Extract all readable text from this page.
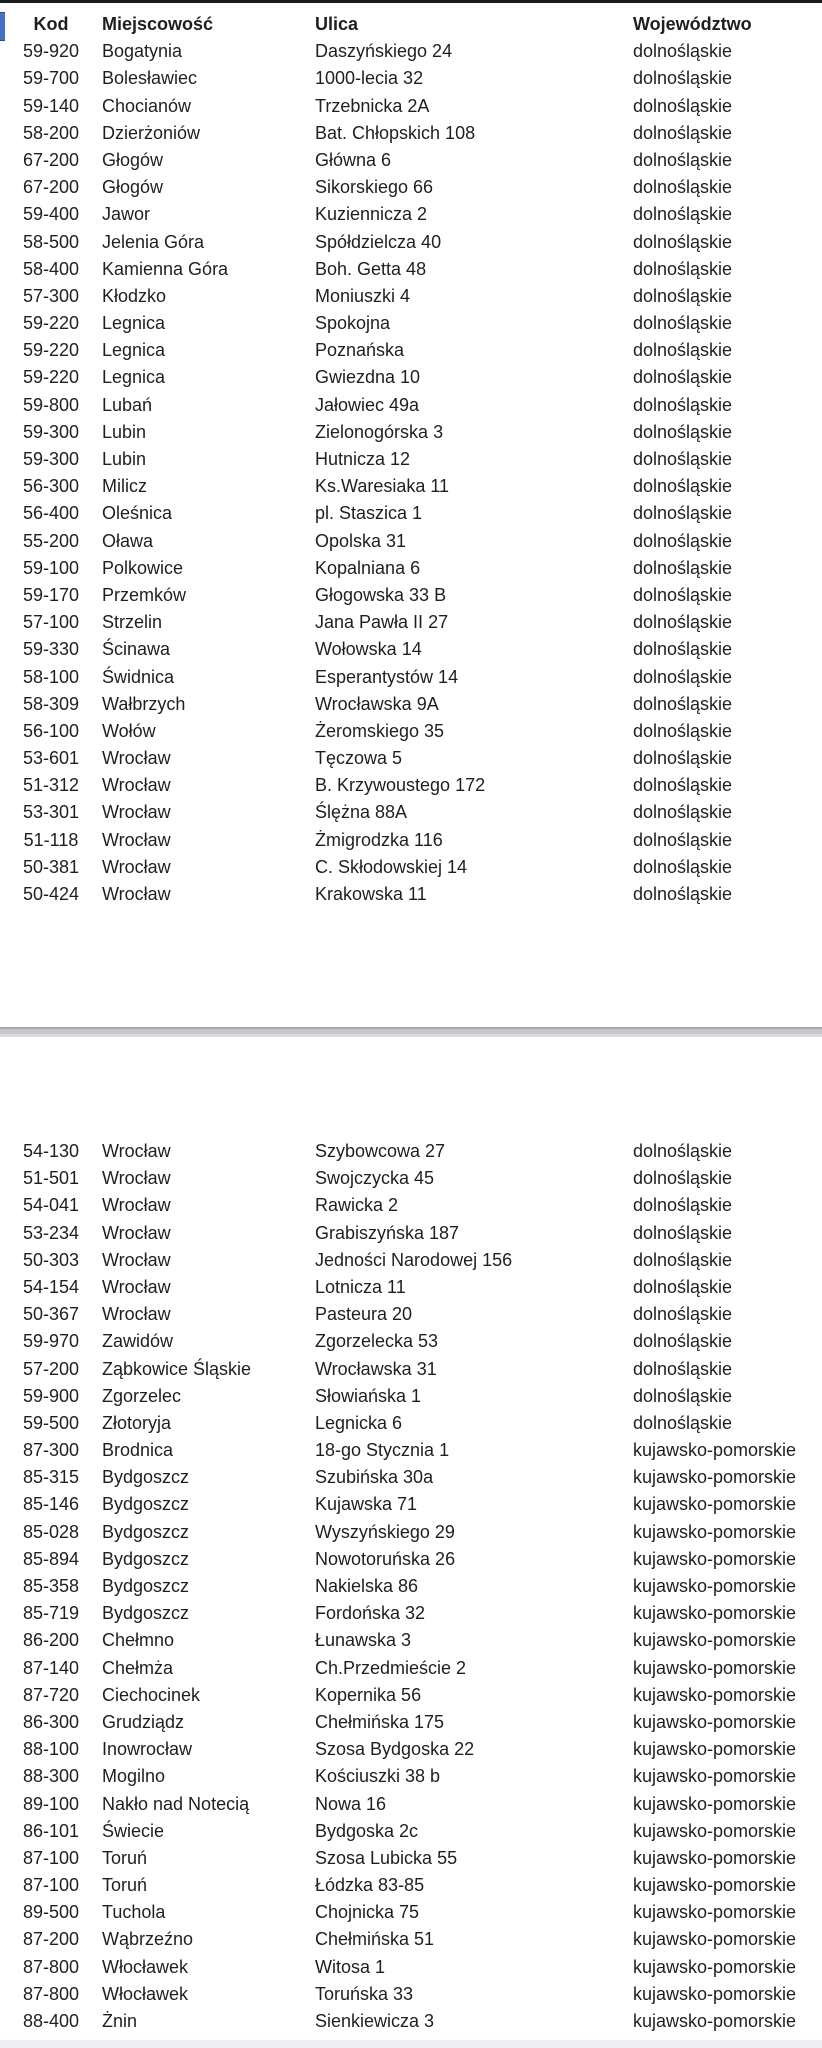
Kod	Miejscowość	Ulica	Województwo
59-920	Bogatynia	Daszyńskiego 24	dolnośląskie
59-700	Bolesławiec	1000-lecia 32	dolnośląskie
59-140	Chocianów	Trzebnicka 2A	dolnośląskie
58-200	Dzierżoniów	Bat. Chłopskich 108	dolnośląskie
67-200	Głogów	Główna 6	dolnośląskie
67-200	Głogów	Sikorskiego 66	dolnośląskie
59-400	Jawor	Kuziennicza 2	dolnośląskie
58-500	Jelenia Góra	Spółdzielcza 40	dolnośląskie
58-400	Kamienna Góra	Boh. Getta 48	dolnośląskie
57-300	Kłodzko	Moniuszki 4	dolnośląskie
59-220	Legnica	Spokojna	dolnośląskie
59-220	Legnica	Poznańska	dolnośląskie
59-220	Legnica	Gwiezdna 10	dolnośląskie
59-800	Lubań	Jałowiec 49a	dolnośląskie
59-300	Lubin	Zielonogórska 3	dolnośląskie
59-300	Lubin	Hutnicza 12	dolnośląskie
56-300	Milicz	Ks.Waresiaka 11	dolnośląskie
56-400	Oleśnica	pl. Staszica 1	dolnośląskie
55-200	Oława	Opolska 31	dolnośląskie
59-100	Polkowice	Kopalniana 6	dolnośląskie
59-170	Przemków	Głogowska 33 B	dolnośląskie
57-100	Strzelin	Jana Pawła II 27	dolnośląskie
59-330	Ścinawa	Wołowska 14	dolnośląskie
58-100	Świdnica	Esperantystów 14	dolnośląskie
58-309	Wałbrzych	Wrocławska 9A	dolnośląskie
56-100	Wołów	Żeromskiego 35	dolnośląskie
53-601	Wrocław	Tęczowa 5	dolnośląskie
51-312	Wrocław	B. Krzywoustego 172	dolnośląskie
53-301	Wrocław	Ślężna 88A	dolnośląskie
51-118	Wrocław	Żmigrodzka 116	dolnośląskie
50-381	Wrocław	C. Skłodowskiej 14	dolnośląskie
50-424	Wrocław	Krakowska 11	dolnośląskie
54-130	Wrocław	Szybowcowa 27	dolnośląskie
51-501	Wrocław	Swojczycka 45	dolnośląskie
54-041	Wrocław	Rawicka 2	dolnośląskie
53-234	Wrocław	Grabiszyńska 187	dolnośląskie
50-303	Wrocław	Jedności Narodowej 156	dolnośląskie
54-154	Wrocław	Lotnicza 11	dolnośląskie
50-367	Wrocław	Pasteura 20	dolnośląskie
59-970	Zawidów	Zgorzelecka 53	dolnośląskie
57-200	Ząbkowice Śląskie	Wrocławska 31	dolnośląskie
59-900	Zgorzelec	Słowiańska 1	dolnośląskie
59-500	Złotoryja	Legnicka 6	dolnośląskie
87-300	Brodnica	18-go Stycznia 1	kujawsko-pomorskie
85-315	Bydgoszcz	Szubińska 30a	kujawsko-pomorskie
85-146	Bydgoszcz	Kujawska 71	kujawsko-pomorskie
85-028	Bydgoszcz	Wyszyńskiego 29	kujawsko-pomorskie
85-894	Bydgoszcz	Nowotoruńska 26	kujawsko-pomorskie
85-358	Bydgoszcz	Nakielska 86	kujawsko-pomorskie
85-719	Bydgoszcz	Fordońska 32	kujawsko-pomorskie
86-200	Chełmno	Łunawska 3	kujawsko-pomorskie
87-140	Chełmża	Ch.Przedmieście 2	kujawsko-pomorskie
87-720	Ciechocinek	Kopernika 56	kujawsko-pomorskie
86-300	Grudziądz	Chełmińska 175	kujawsko-pomorskie
88-100	Inowrocław	Szosa Bydgoska 22	kujawsko-pomorskie
88-300	Mogilno	Kościuszki 38 b	kujawsko-pomorskie
89-100	Nakło nad Notecią	Nowa 16	kujawsko-pomorskie
86-101	Świecie	Bydgoska 2c	kujawsko-pomorskie
87-100	Toruń	Szosa Lubicka 55	kujawsko-pomorskie
87-100	Toruń	Łódzka 83-85	kujawsko-pomorskie
89-500	Tuchola	Chojnicka 75	kujawsko-pomorskie
87-200	Wąbrzeźno	Chełmińska 51	kujawsko-pomorskie
87-800	Włocławek	Witosa 1	kujawsko-pomorskie
87-800	Włocławek	Toruńska 33	kujawsko-pomorskie
88-400	Żnin	Sienkiewicza 3	kujawsko-pomorskie
